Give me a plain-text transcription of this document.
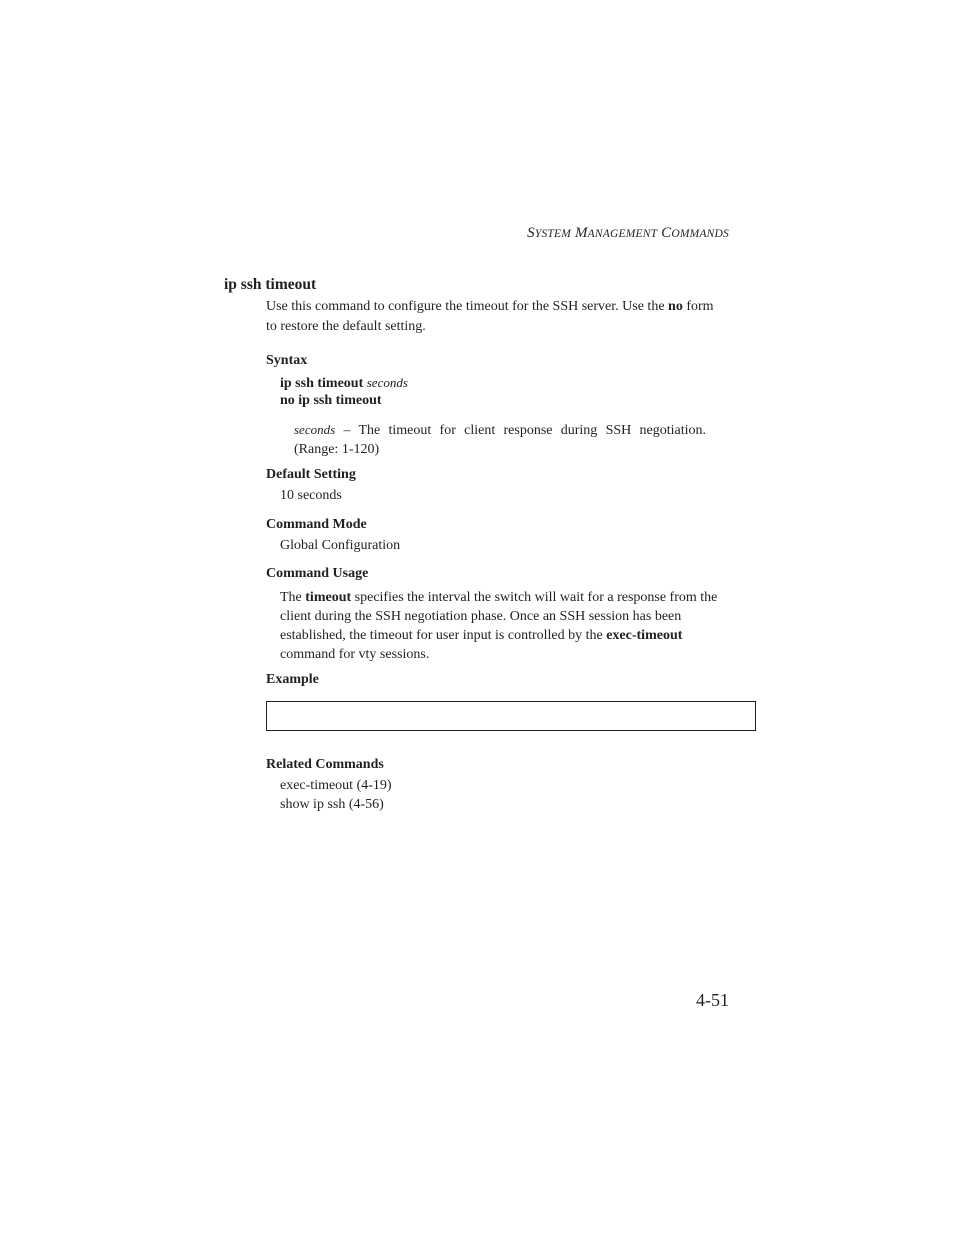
SYSTEM MANAGEMENT COMMANDS
ip ssh timeout
Use this command to configure the timeout for the SSH server. Use the no form to restore the default setting.
Syntax
ip ssh timeout seconds
no ip ssh timeout
seconds – The timeout for client response during SSH negotiation. (Range: 1-120)
Default Setting
10 seconds
Command Mode
Global Configuration
Command Usage
The timeout specifies the interval the switch will wait for a response from the client during the SSH negotiation phase. Once an SSH session has been established, the timeout for user input is controlled by the exec-timeout command for vty sessions.
Example
Related Commands
exec-timeout (4-19)
show ip ssh (4-56)
4-51
